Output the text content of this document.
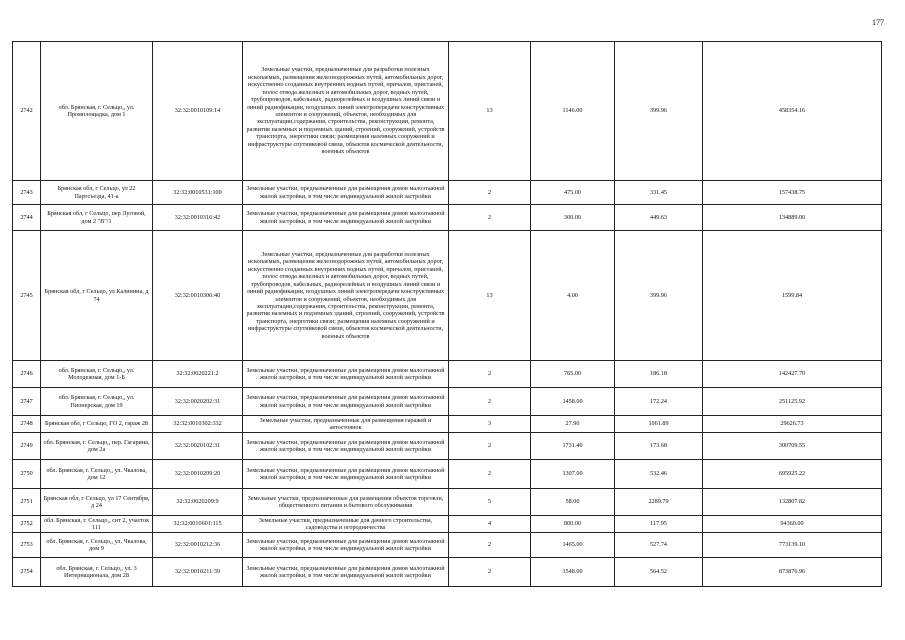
177
2742	обл. Брянская, г. Сельцо,, ул. Промплощадка, дом 1	32:32:0010109:14	Земельные участки, предназначенные для разработки полезных ископаемых, размещения железнодорожных путей, автомобильных дорог, искусственно созданных внутренних водных путей, причалов, пристаней, полос отвода железных и автомобильных дорог, водных путей, трубопроводов, кабельных, радиорелейных и воздушных линий связи и линий радиофикации, воздушных линий электропередачи конструктивных элементов и сооружений, объектов, необходимых для эксплуатации,содержания, строительства, реконструкции, ремонта, развития наземных и подземных зданий, строений, сооружений, устройств транспорта, энергетики связи; размещения наземных сооружений и инфраструктуры спутниковой связи, объектов космической деятельности, военных объектов	13	1146.00	399.96	458354.16
2743	Брянская обл, г Сельцо, ул 22 Партсъезда, 41-а	32:32:0010531:100	Земельные участки, предназначенные для размещения домов малоэтажной жилой застройки, в том числе индивидуальной жилой застройки	2	475.00	331.45	157438.75
2744	Брянская обл, г Сельцо, пер Луговой, дом 2 "В"/1	32:32:0010316:42	Земельные участки, предназначенные для размещения домов малоэтажной жилой застройки, в том числе индивидуальной жилой застройки	2	300.00	449.63	134889.00
2745	Брянская обл, г Сельцо, ул Калинина, д 74	32:32:0010306:40	Земельные участки, предназначенные для разработки полезных ископаемых, размещения железнодорожных путей, автомобильных дорог, искусственно созданных внутренних водных путей, причалов, пристаней, полос отвода железных и автомобильных дорог, водных путей, трубопроводов, кабельных, радиорелейных и воздушных линий связи и линий радиофикации, воздушных линий электропередачи конструктивных элементов и сооружений, объектов, необходимых для эксплуатации,содержания, строительства, реконструкции, ремонта, развития наземных и подземных зданий, строений, сооружений, устройств транспорта, энергетики связи; размещения наземных сооружений и инфраструктуры спутниковой связи, объектов космической деятельности, военных объектов	13	4.00	399.96	1599.84
2746	обл. Брянская, г. Сельцо,, ул. Молодежная, дом 1-Б	32:32:0020221:2	Земельные участки, предназначенные для размещения домов малоэтажной жилой застройки, в том числе индивидуальной жилой застройки	2	765.00	186.18	142427.70
2747	обл. Брянская, г. Сельцо,, ул. Пионерская, дом 19	32:32:0020202:31	Земельные участки, предназначенные для размещения домов малоэтажной жилой застройки, в том числе индивидуальной жилой застройки	2	1458.00	172.24	251125.92
2748	Брянская обл, г Сельцо, ГО 2, гараж 28	32:32:0010302:332	Земельные участки, предназначенные для размещения гаражей и автостоянок	3	27.90	1061.89	29626.73
2749	обл. Брянская, г. Сельцо,, пер. Гагарина, дом 2а	32:32:0020102:31	Земельные участки, предназначенные для размещения домов малоэтажной жилой застройки, в том числе индивидуальной жилой застройки	2	1731.40	173.68	300709.55
2750	обл. Брянская, г. Сельцо,, ул. Чкалова, дом 12	32:32:0010209:20	Земельные участки, предназначенные для размещения домов малоэтажной жилой застройки, в том числе индивидуальной жилой застройки	2	1307.00	532.46	695925.22
2751	Брянская обл, г Сельцо, ул 17 Сентября, д 24	32:32:0020209:9	Земельные участки, предназначенные для размещения объектов торговли, общественного питания и бытового обслуживания	5	58.00	2289.79	132807.82
2752	обл. Брянская, г. Сельцо,, снт 2, участок 111	32:32:0010601:115	Земельные участки, предназначенные для дачного строительства, садоводства и огородничества	4	800.00	117.95	94360.00
2753	обл. Брянская, г. Сельцо,, ул. Чкалова, дом 9	32:32:0010212:36	Земельные участки, предназначенные для размещения домов малоэтажной жилой застройки, в том числе индивидуальной жилой застройки	2	1465.00	527.74	773139.10
2754	обл. Брянская, г. Сельцо,, ул. 3 Интернационала, дом 28	32:32:0010211:39	Земельные участки, предназначенные для размещения домов малоэтажной жилой застройки, в том числе индивидуальной жилой застройки	2	1548.00	564.52	873876.96
